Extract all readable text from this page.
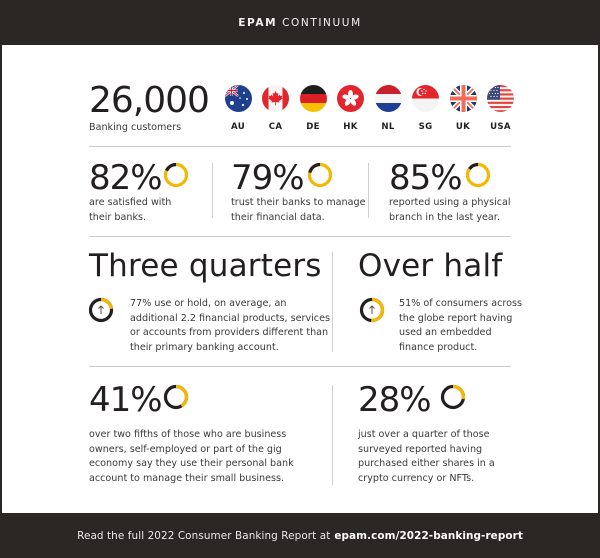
EPAM CONTINUUM
26,000
Banking customers	AU	CA	DE	HK	NL	SG	UK USA
82%
are satisfied with
their banks.
79%
trust their banks to manage
their financial data.
85%
reported using a physical
branch in the last year.
Three quarters
77% use or hold, on average, an
additional 2.2 financial products, services
or accounts from providers different than
their primary banking account.
Over half
51% of consumers across
the globe report having
used an embedded
finance product.
41%
over two fifths of those who are business
owners, self-employed or part of the gig
economy say they use their personal bank
account to manage their small business.
28%
just over a quarter of those
surveyed reported having
purchased either shares in a
crypto currency or NFTs.
Read the full 2022 Consumer Banking Report at epam.com/2022-banking-report
